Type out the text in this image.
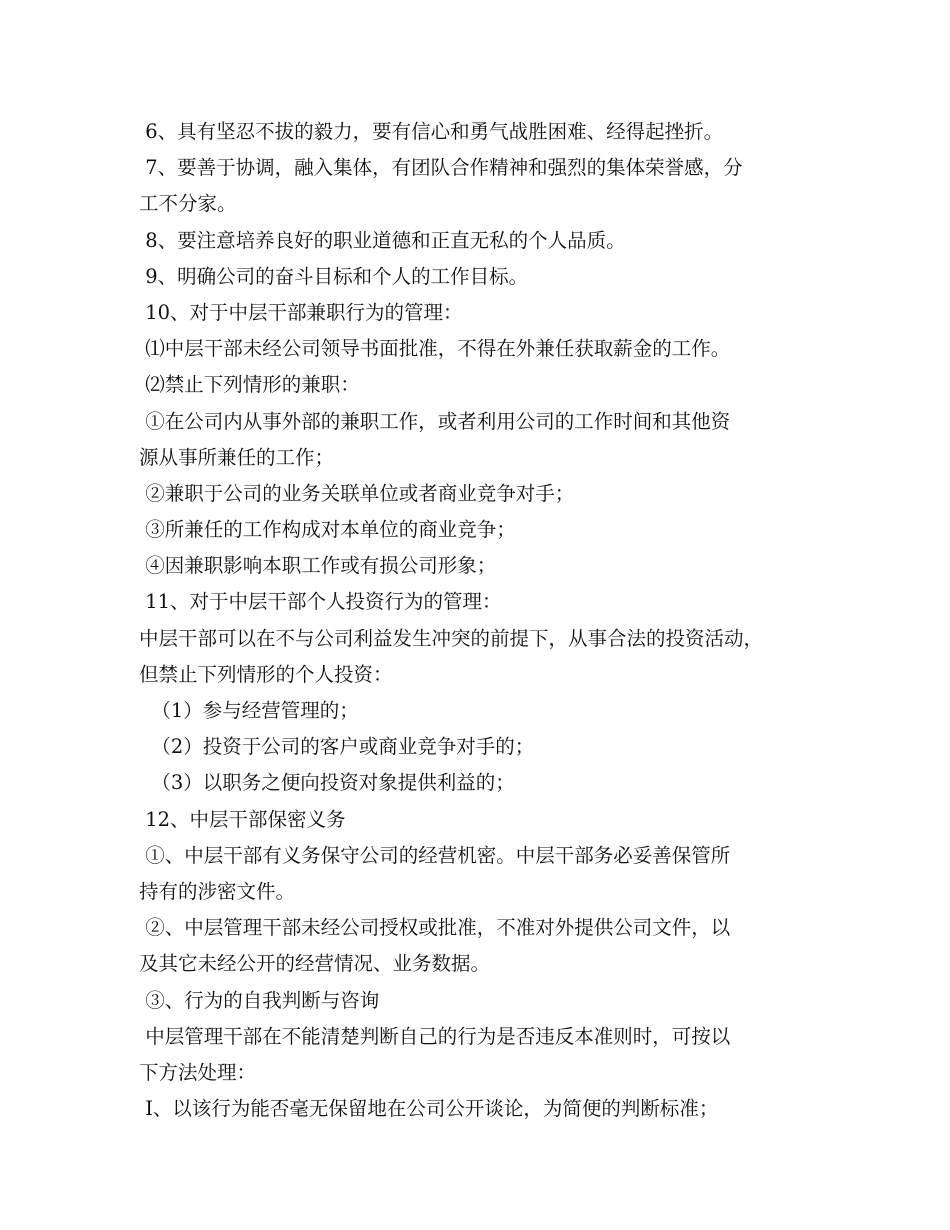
6、具有坚忍不拔的毅力，要有信心和勇气战胜困难、经得起挫折。
7、要善于协调，融入集体，有团队合作精神和强烈的集体荣誉感，分
工不分家。
8、要注意培养良好的职业道德和正直无私的个人品质。
9、明确公司的奋斗目标和个人的工作目标。
10、对于中层干部兼职行为的管理：
⑴中层干部未经公司领导书面批准，不得在外兼任获取薪金的工作。
⑵禁止下列情形的兼职：
①在公司内从事外部的兼职工作，或者利用公司的工作时间和其他资
源从事所兼任的工作；
②兼职于公司的业务关联单位或者商业竞争对手；
③所兼任的工作构成对本单位的商业竞争；
④因兼职影响本职工作或有损公司形象；
11、对于中层干部个人投资行为的管理：
中层干部可以在不与公司利益发生冲突的前提下，从事合法的投资活动，
但禁止下列情形的个人投资：
（1）参与经营管理的；
（2）投资于公司的客户或商业竞争对手的；
（3）以职务之便向投资对象提供利益的；
12、中层干部保密义务
①、中层干部有义务保守公司的经营机密。中层干部务必妥善保管所
持有的涉密文件。
②、中层管理干部未经公司授权或批准，不准对外提供公司文件，以
及其它未经公开的经营情况、业务数据。
③、行为的自我判断与咨询
中层管理干部在不能清楚判断自己的行为是否违反本准则时，可按以
下方法处理：
Ⅰ、以该行为能否毫无保留地在公司公开谈论，为简便的判断标准；
